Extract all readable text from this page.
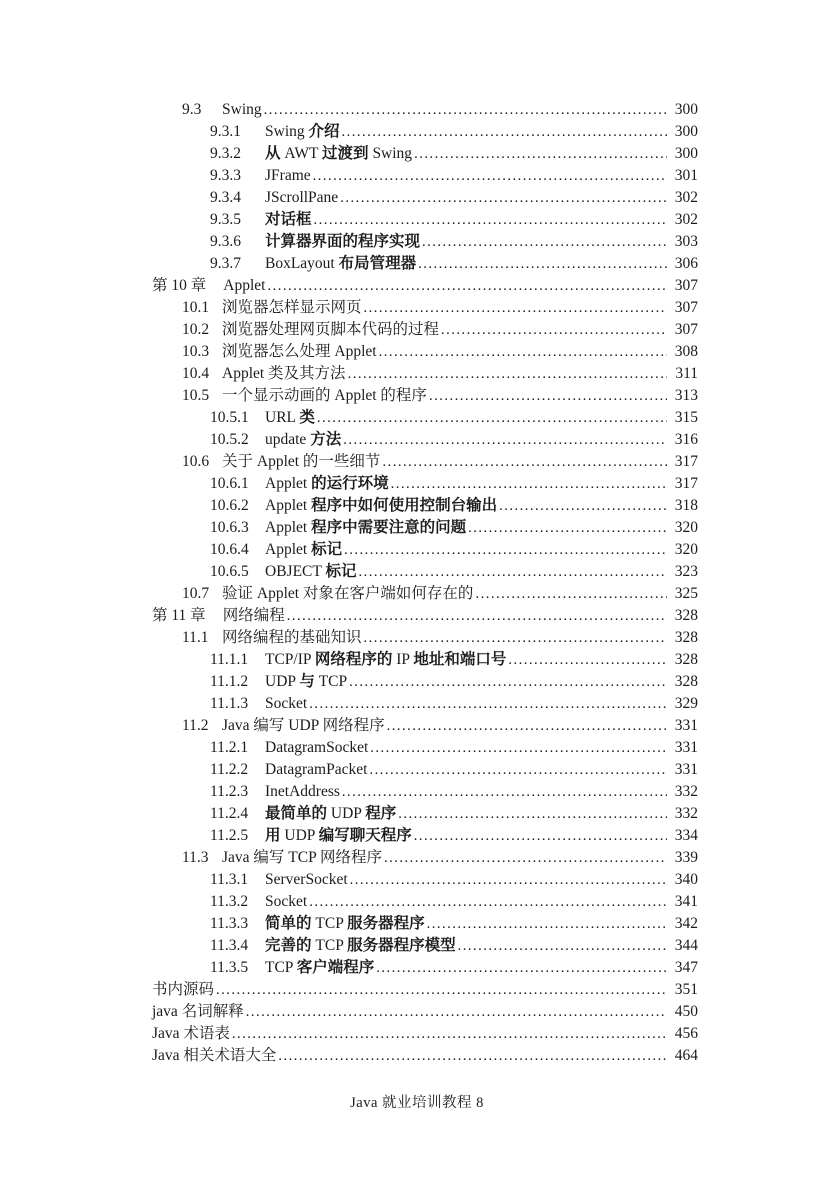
9.3	Swing .....	300
9.3.1	Swing 介绍 .....	300
9.3.2	从 AWT 过渡到 Swing .....	300
9.3.3	JFrame .....	301
9.3.4	JScrollPane .....	302
9.3.5	对话框 .....	302
9.3.6	计算器界面的程序实现 .....	303
9.3.7	BoxLayout 布局管理器 .....	306
第 10 章 Applet .....	307
10.1 浏览器怎样显示网页 .....	307
10.2 浏览器处理网页脚本代码的过程 .....	307
10.3 浏览器怎么处理 Applet .....	308
10.4 Applet 类及其方法 .....	311
10.5 一个显示动画的 Applet 的程序 .....	313
10.5.1	URL 类 .....	315
10.5.2	update 方法 .....	316
10.6 关于 Applet 的一些细节 .....	317
10.6.1	Applet 的运行环境 .....	317
10.6.2	Applet 程序中如何使用控制台输出 .....	318
10.6.3	Applet 程序中需要注意的问题 .....	320
10.6.4	Applet 标记 .....	320
10.6.5	OBJECT 标记 .....	323
10.7 验证 Applet 对象在客户端如何存在的 .....	325
第 11 章 网络编程 .....	328
11.1 网络编程的基础知识 .....	328
11.1.1	TCP/IP 网络程序的 IP 地址和端口号 .....	328
11.1.2	UDP 与 TCP .....	328
11.1.3	Socket .....	329
11.2 Java 编写 UDP 网络程序 .....	331
11.2.1	DatagramSocket .....	331
11.2.2	DatagramPacket .....	331
11.2.3	InetAddress .....	332
11.2.4	最简单的 UDP 程序 .....	332
11.2.5	用 UDP 编写聊天程序 .....	334
11.3 Java 编写 TCP 网络程序 .....	339
11.3.1	ServerSocket .....	340
11.3.2	Socket .....	341
11.3.3	简单的 TCP 服务器程序 .....	342
11.3.4	完善的 TCP 服务器程序模型 .....	344
11.3.5	TCP 客户端程序 .....	347
书内源码 .....	351
java 名词解释 .....	450
Java 术语表 .....	456
Java 相关术语大全 .....	464
Java 就业培训教程 8
